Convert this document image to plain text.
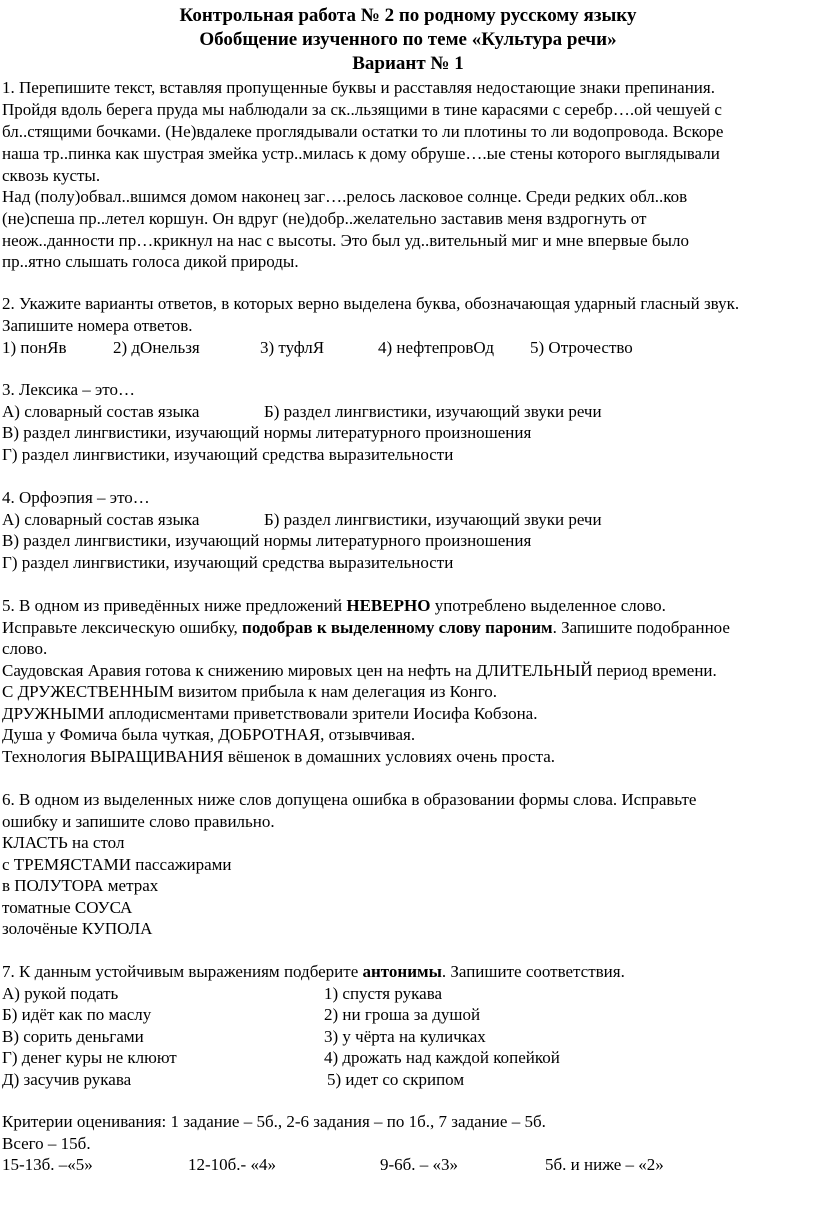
Контрольная работа № 2 по родному русскому языку
Обобщение изученного по теме «Культура речи»
Вариант № 1
1. Перепишите текст, вставляя пропущенные буквы и расставляя недостающие знаки препинания.
Пройдя вдоль берега пруда мы наблюдали за ск..льзящими в тине карасями с серебр….ой чешуей с
бл..стящими бочками. (Не)вдалеке проглядывали остатки то ли плотины то ли водопровода. Вскоре
наша тр..пинка как шустрая змейка устр..милась к дому обруше….ые стены которого выглядывали
сквозь кусты.
Над (полу)обвал..вшимся домом наконец заг….релось ласковое солнце. Среди редких обл..ков
(не)спеша пр..летел коршун. Он вдруг (не)добр..желательно заставив меня вздрогнуть от
неож..данности пр…крикнул на нас с высоты. Это был уд..вительный миг и мне впервые было
пр..ятно слышать голоса дикой природы.
2. Укажите варианты ответов, в которых верно выделена буква, обозначающая ударный гласный звук.
Запишите номера ответов.
1) понЯв	2) дОнельзя	3) туфлЯ	4) нефтепровОд 5) Отрочество
3. Лексика – это…
А) словарный состав языка	Б) раздел лингвистики, изучающий звуки речи
В) раздел лингвистики, изучающий нормы литературного произношения
Г) раздел лингвистики, изучающий средства выразительности
4. Орфоэпия – это…
А) словарный состав языка	Б) раздел лингвистики, изучающий звуки речи
В) раздел лингвистики, изучающий нормы литературного произношения
Г) раздел лингвистики, изучающий средства выразительности
5. В одном из приведённых ниже предложений НЕВЕРНО употреблено выделенное слово.
Исправьте лексическую ошибку, подобрав к выделенному слову пароним. Запишите подобранное
слово.
Саудовская Аравия готова к снижению мировых цен на нефть на ДЛИТЕЛЬНЫЙ период времени.
С ДРУЖЕСТВЕННЫМ визитом прибыла к нам делегация из Конго.
ДРУЖНЫМИ аплодисментами приветствовали зрители Иосифа Кобзона.
Душа у Фомича была чуткая, ДОБРОТНАЯ, отзывчивая.
Технология ВЫРАЩИВАНИЯ вёшенок в домашних условиях очень проста.
6. В одном из выделенных ниже слов допущена ошибка в образовании формы слова. Исправьте
ошибку и запишите слово правильно.
КЛАСТЬ на стол
с ТРЕМЯСТАМИ пассажирами
в ПОЛУТОРА метрах
томатные СОУСА
золочёные КУПОЛА
7. К данным устойчивым выражениям подберите антонимы. Запишите соответствия.
А) рукой подать	1) спустя рукава
Б) идёт как по маслу	2) ни гроша за душой
В) сорить деньгами	3) у чёрта на куличках
Г) денег куры не клюют	4) дрожать над каждой копейкой
Д) засучив рукава	5) идет со скрипом
Критерии оценивания: 1 задание – 5б., 2-6 задания – по 1б., 7 задание – 5б.
Всего – 15б.
15-13б. –«5»	12-10б.- «4»	9-6б. – «3»	5б. и ниже – «2»
